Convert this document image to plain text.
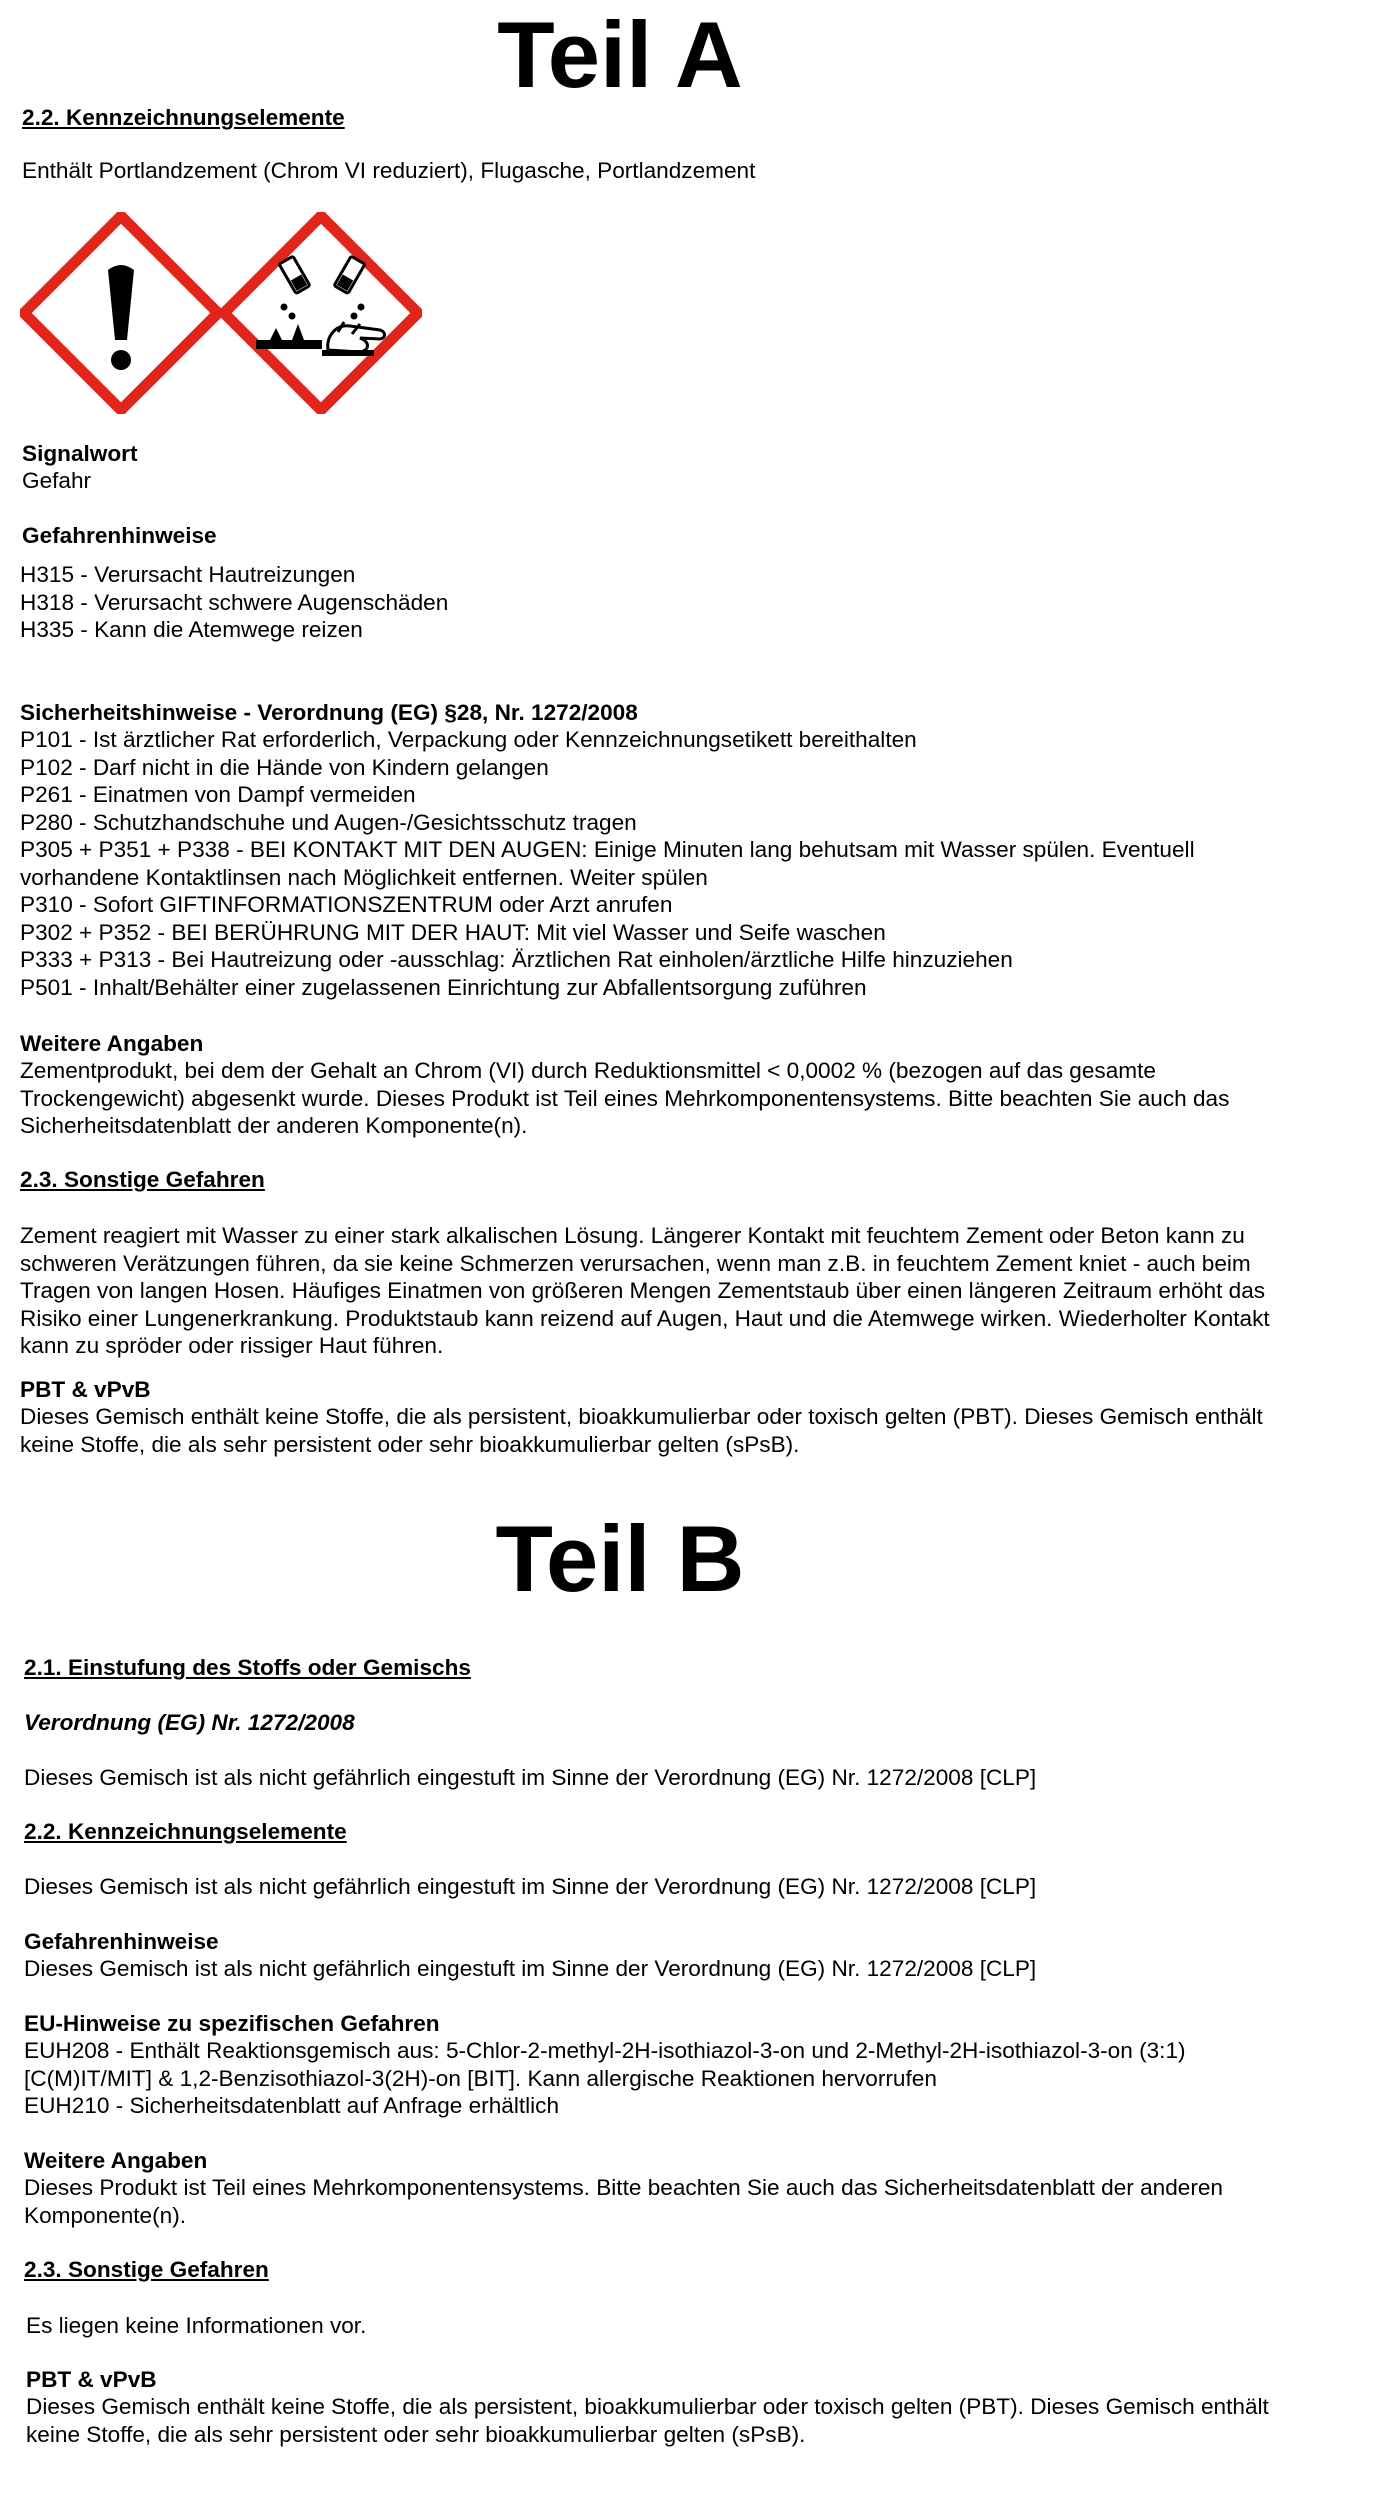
Teil A
2.2. Kennzeichnungselemente
Enthält Portlandzement (Chrom VI reduziert), Flugasche, Portlandzement
Signalwort
Gefahr
Gefahrenhinweise
H315 - Verursacht Hautreizungen
H318 - Verursacht schwere Augenschäden
H335 - Kann die Atemwege reizen
Sicherheitshinweise - Verordnung (EG) §28, Nr. 1272/2008
P101 - Ist ärztlicher Rat erforderlich, Verpackung oder Kennzeichnungsetikett bereithalten
P102 - Darf nicht in die Hände von Kindern gelangen
P261 - Einatmen von Dampf vermeiden
P280 - Schutzhandschuhe und Augen-/Gesichtsschutz tragen
P305 + P351 + P338 - BEI KONTAKT MIT DEN AUGEN: Einige Minuten lang behutsam mit Wasser spülen. Eventuell
vorhandene Kontaktlinsen nach Möglichkeit entfernen. Weiter spülen
P310 - Sofort GIFTINFORMATIONSZENTRUM oder Arzt anrufen
P302 + P352 - BEI BERÜHRUNG MIT DER HAUT: Mit viel Wasser und Seife waschen
P333 + P313 - Bei Hautreizung oder -ausschlag: Ärztlichen Rat einholen/ärztliche Hilfe hinzuziehen
P501 - Inhalt/Behälter einer zugelassenen Einrichtung zur Abfallentsorgung zuführen
Weitere Angaben
Zementprodukt, bei dem der Gehalt an Chrom (VI) durch Reduktionsmittel < 0,0002 % (bezogen auf das gesamte
Trockengewicht) abgesenkt wurde. Dieses Produkt ist Teil eines Mehrkomponentensystems. Bitte beachten Sie auch das
Sicherheitsdatenblatt der anderen Komponente(n).
2.3. Sonstige Gefahren
Zement reagiert mit Wasser zu einer stark alkalischen Lösung. Längerer Kontakt mit feuchtem Zement oder Beton kann zu
schweren Verätzungen führen, da sie keine Schmerzen verursachen, wenn man z.B. in feuchtem Zement kniet - auch beim
Tragen von langen Hosen. Häufiges Einatmen von größeren Mengen Zementstaub über einen längeren Zeitraum erhöht das
Risiko einer Lungenerkrankung. Produktstaub kann reizend auf Augen, Haut und die Atemwege wirken. Wiederholter Kontakt
kann zu spröder oder rissiger Haut führen.
PBT & vPvB
Dieses Gemisch enthält keine Stoffe, die als persistent, bioakkumulierbar oder toxisch gelten (PBT). Dieses Gemisch enthält
keine Stoffe, die als sehr persistent oder sehr bioakkumulierbar gelten (sPsB).
Teil B
2.1. Einstufung des Stoffs oder Gemischs
Verordnung (EG) Nr. 1272/2008
Dieses Gemisch ist als nicht gefährlich eingestuft im Sinne der Verordnung (EG) Nr. 1272/2008 [CLP]
2.2. Kennzeichnungselemente
Dieses Gemisch ist als nicht gefährlich eingestuft im Sinne der Verordnung (EG) Nr. 1272/2008 [CLP]
Gefahrenhinweise
Dieses Gemisch ist als nicht gefährlich eingestuft im Sinne der Verordnung (EG) Nr. 1272/2008 [CLP]
EU-Hinweise zu spezifischen Gefahren
EUH208 - Enthält Reaktionsgemisch aus: 5-Chlor-2-methyl-2H-isothiazol-3-on und 2-Methyl-2H-isothiazol-3-on (3:1)
[C(M)IT/MIT] & 1,2-Benzisothiazol-3(2H)-on [BIT]. Kann allergische Reaktionen hervorrufen
EUH210 - Sicherheitsdatenblatt auf Anfrage erhältlich
Weitere Angaben
Dieses Produkt ist Teil eines Mehrkomponentensystems. Bitte beachten Sie auch das Sicherheitsdatenblatt der anderen
Komponente(n).
2.3. Sonstige Gefahren
Es liegen keine Informationen vor.
PBT & vPvB
Dieses Gemisch enthält keine Stoffe, die als persistent, bioakkumulierbar oder toxisch gelten (PBT). Dieses Gemisch enthält
keine Stoffe, die als sehr persistent oder sehr bioakkumulierbar gelten (sPsB).
